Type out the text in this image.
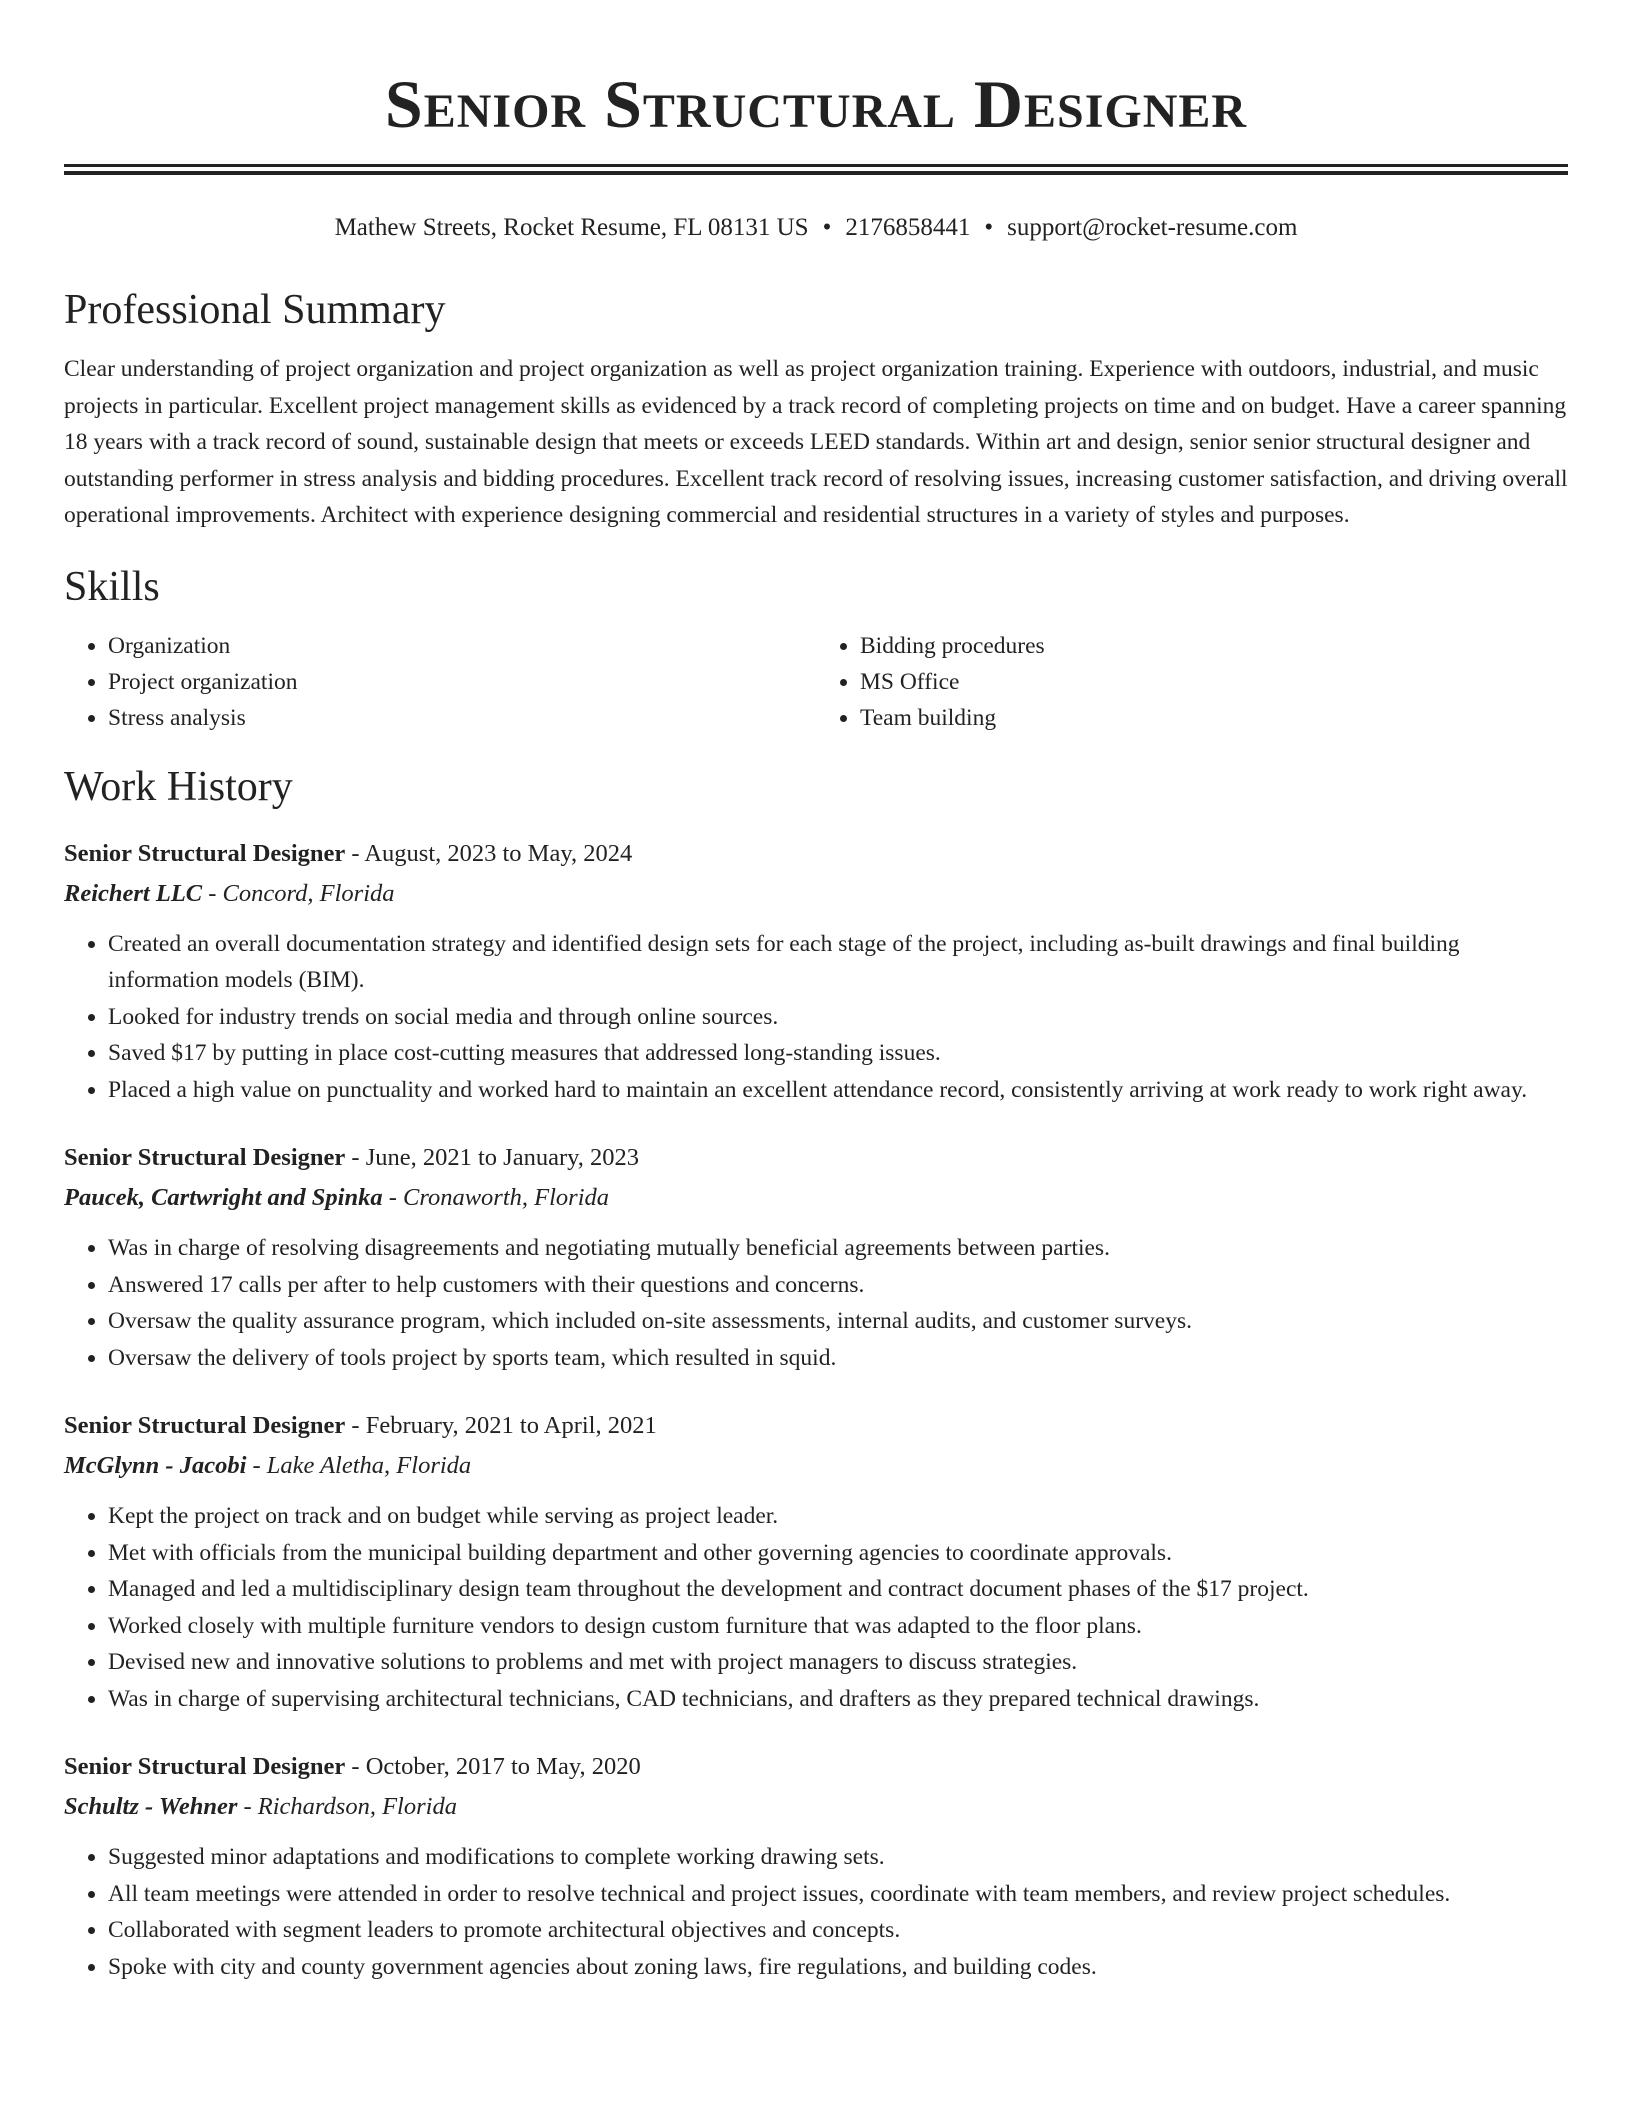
Senior Structural Designer
Mathew Streets, Rocket Resume, FL 08131 US • 2176858441 • support@rocket-resume.com
Professional Summary

Clear understanding of project organization and project organization as well as project organization training. Experience with outdoors, industrial, and music projects in particular. Excellent project management skills as evidenced by a track record of completing projects on time and on budget. Have a career spanning 18 years with a track record of sound, sustainable design that meets or exceeds LEED standards. Within art and design, senior senior structural designer and outstanding performer in stress analysis and bidding procedures. Excellent track record of resolving issues, increasing customer satisfaction, and driving overall operational improvements. Architect with experience designing commercial and residential structures in a variety of styles and purposes.

Skills
• Organization
• Project organization
• Stress analysis
• Bidding procedures
• MS Office
• Team building
Work History
Senior Structural Designer - August, 2023 to May, 2024
Reichert LLC - Concord, Florida
• Created an overall documentation strategy and identified design sets for each stage of the project, including as-built drawings and final building information models (BIM).
• Looked for industry trends on social media and through online sources.
• Saved $17 by putting in place cost-cutting measures that addressed long-standing issues.
• Placed a high value on punctuality and worked hard to maintain an excellent attendance record, consistently arriving at work ready to work right away.
Senior Structural Designer - June, 2021 to January, 2023
Paucek, Cartwright and Spinka - Cronaworth, Florida
• Was in charge of resolving disagreements and negotiating mutually beneficial agreements between parties.
• Answered 17 calls per after to help customers with their questions and concerns.
• Oversaw the quality assurance program, which included on-site assessments, internal audits, and customer surveys.
• Oversaw the delivery of tools project by sports team, which resulted in squid.
Senior Structural Designer - February, 2021 to April, 2021
McGlynn - Jacobi - Lake Aletha, Florida
• Kept the project on track and on budget while serving as project leader.
• Met with officials from the municipal building department and other governing agencies to coordinate approvals.
• Managed and led a multidisciplinary design team throughout the development and contract document phases of the $17 project.
• Worked closely with multiple furniture vendors to design custom furniture that was adapted to the floor plans.
• Devised new and innovative solutions to problems and met with project managers to discuss strategies.
• Was in charge of supervising architectural technicians, CAD technicians, and drafters as they prepared technical drawings.
Senior Structural Designer - October, 2017 to May, 2020
Schultz - Wehner - Richardson, Florida
• Suggested minor adaptations and modifications to complete working drawing sets.
• All team meetings were attended in order to resolve technical and project issues, coordinate with team members, and review project schedules.
• Collaborated with segment leaders to promote architectural objectives and concepts.
• Spoke with city and county government agencies about zoning laws, fire regulations, and building codes.
